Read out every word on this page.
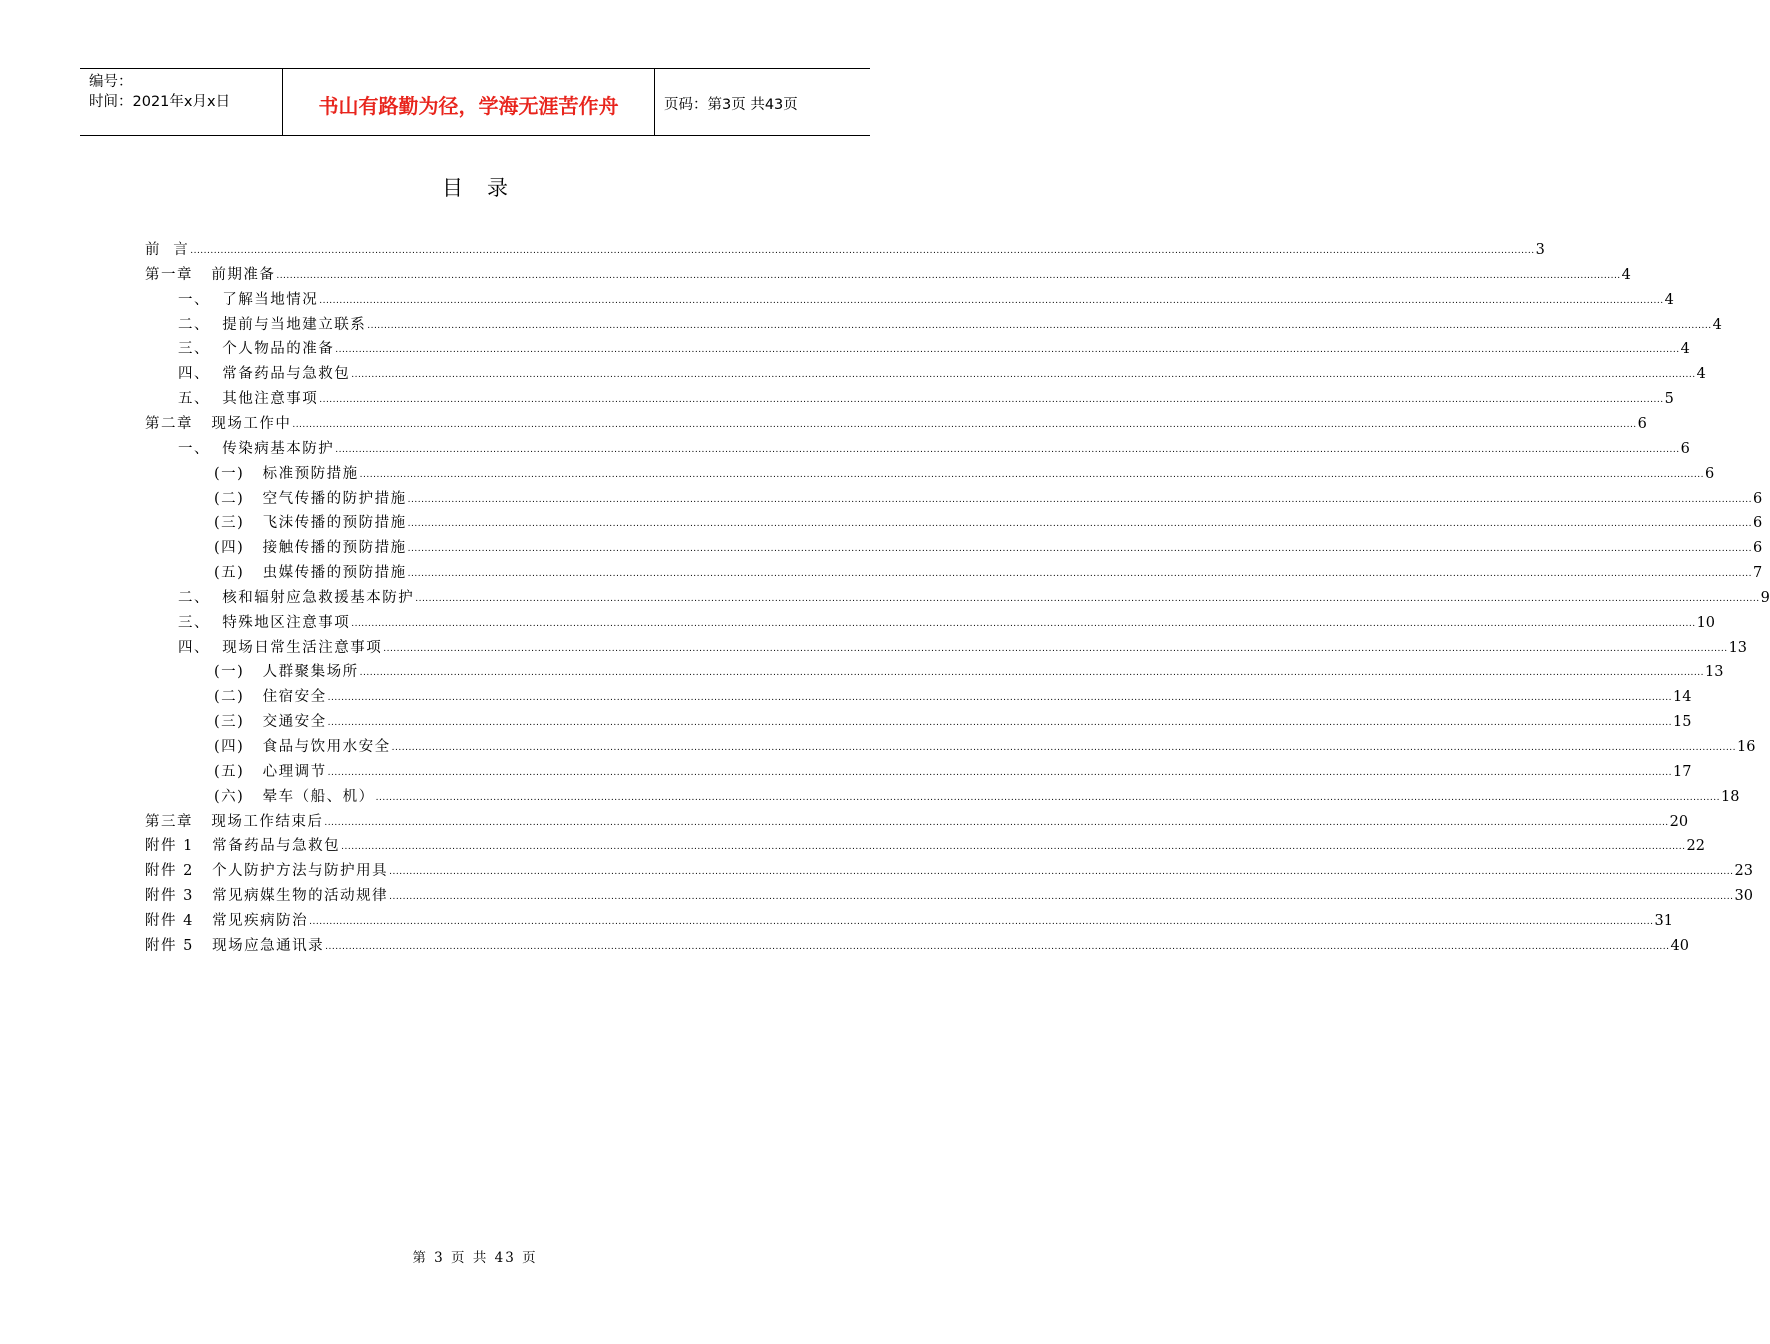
编号：
时间：2021年x月x日	书山有路勤为径，学海无涯苦作舟	页码：第3页 共43页
目录
前  言 ................................................................................................................................................................................................................................................................................................................................................................................................................ 3
第一章   前期准备 ................................................................................................................................................................................................................................................................................................................................................................................................................ 4
一、  了解当地情况 ................................................................................................................................................................................................................................................................................................................................................................................................................ 4
二、  提前与当地建立联系 ................................................................................................................................................................................................................................................................................................................................................................................................................ 4
三、  个人物品的准备 ................................................................................................................................................................................................................................................................................................................................................................................................................ 4
四、  常备药品与急救包 ................................................................................................................................................................................................................................................................................................................................................................................................................ 4
五、  其他注意事项 ................................................................................................................................................................................................................................................................................................................................................................................................................ 5
第二章   现场工作中 ................................................................................................................................................................................................................................................................................................................................................................................................................ 6
一、  传染病基本防护 ................................................................................................................................................................................................................................................................................................................................................................................................................ 6
(一)   标准预防措施 ................................................................................................................................................................................................................................................................................................................................................................................................................ 6
(二)   空气传播的防护措施 ................................................................................................................................................................................................................................................................................................................................................................................................................ 6
(三)   飞沫传播的预防措施 ................................................................................................................................................................................................................................................................................................................................................................................................................ 6
(四)   接触传播的预防措施 ................................................................................................................................................................................................................................................................................................................................................................................................................ 6
(五)   虫媒传播的预防措施 ................................................................................................................................................................................................................................................................................................................................................................................................................ 7
二、  核和辐射应急救援基本防护 ................................................................................................................................................................................................................................................................................................................................................................................................................ 9
三、  特殊地区注意事项 ................................................................................................................................................................................................................................................................................................................................................................................................................ 10
四、  现场日常生活注意事项 ................................................................................................................................................................................................................................................................................................................................................................................................................ 13
(一)   人群聚集场所 ................................................................................................................................................................................................................................................................................................................................................................................................................ 13
(二)   住宿安全 ................................................................................................................................................................................................................................................................................................................................................................................................................ 14
(三)   交通安全 ................................................................................................................................................................................................................................................................................................................................................................................................................ 15
(四)   食品与饮用水安全 ................................................................................................................................................................................................................................................................................................................................................................................................................ 16
(五)   心理调节 ................................................................................................................................................................................................................................................................................................................................................................................................................ 17
(六)   晕车（船、机） ................................................................................................................................................................................................................................................................................................................................................................................................................ 18
第三章   现场工作结束后 ................................................................................................................................................................................................................................................................................................................................................................................................................ 20
附件 1   常备药品与急救包 ................................................................................................................................................................................................................................................................................................................................................................................................................ 22
附件 2   个人防护方法与防护用具 ................................................................................................................................................................................................................................................................................................................................................................................................................ 23
附件 3   常见病媒生物的活动规律 ................................................................................................................................................................................................................................................................................................................................................................................................................ 30
附件 4   常见疾病防治 ................................................................................................................................................................................................................................................................................................................................................................................................................ 31
附件 5   现场应急通讯录 ................................................................................................................................................................................................................................................................................................................................................................................................................ 40
第 3 页 共 43 页
